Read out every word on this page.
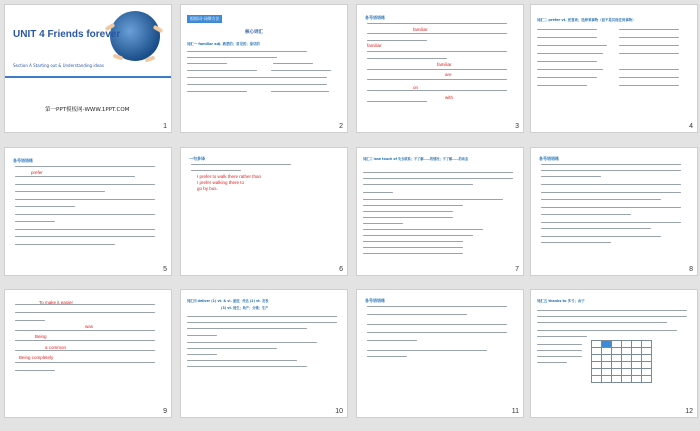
UNIT 4 Friends forever
Section A Starting out & Understanding ideas
第一PPT模板网-WWW.1PPT.COM
1
根据词-词缀方法
核心词汇
词汇一 familiar adj. 熟悉的；常见的；原话的
2
各号语语练
familiar
familiar
familiar
are
on
with
3
词汇二 prefer vt. 更喜欢；选择某事物（而不是其他任何事物）
4
各号语语练
prefer
5
一句多译
I prefer to walk there rather than
I prefer walking there to
go by bus.
6
词汇三 lose touch of 失去联系；不了解……的情况；不了解……的动态
7
各号语语练
8
To make it easier
was
Being
a common
Being completely
9
词汇四 deliver (1) vt. & vi. 递送；传达 (2) vt. 发表
(3) vt. 接生；助产；分娩；生产
10
各号语语练
11
词汇五 thanks to 多亏；由于

12
